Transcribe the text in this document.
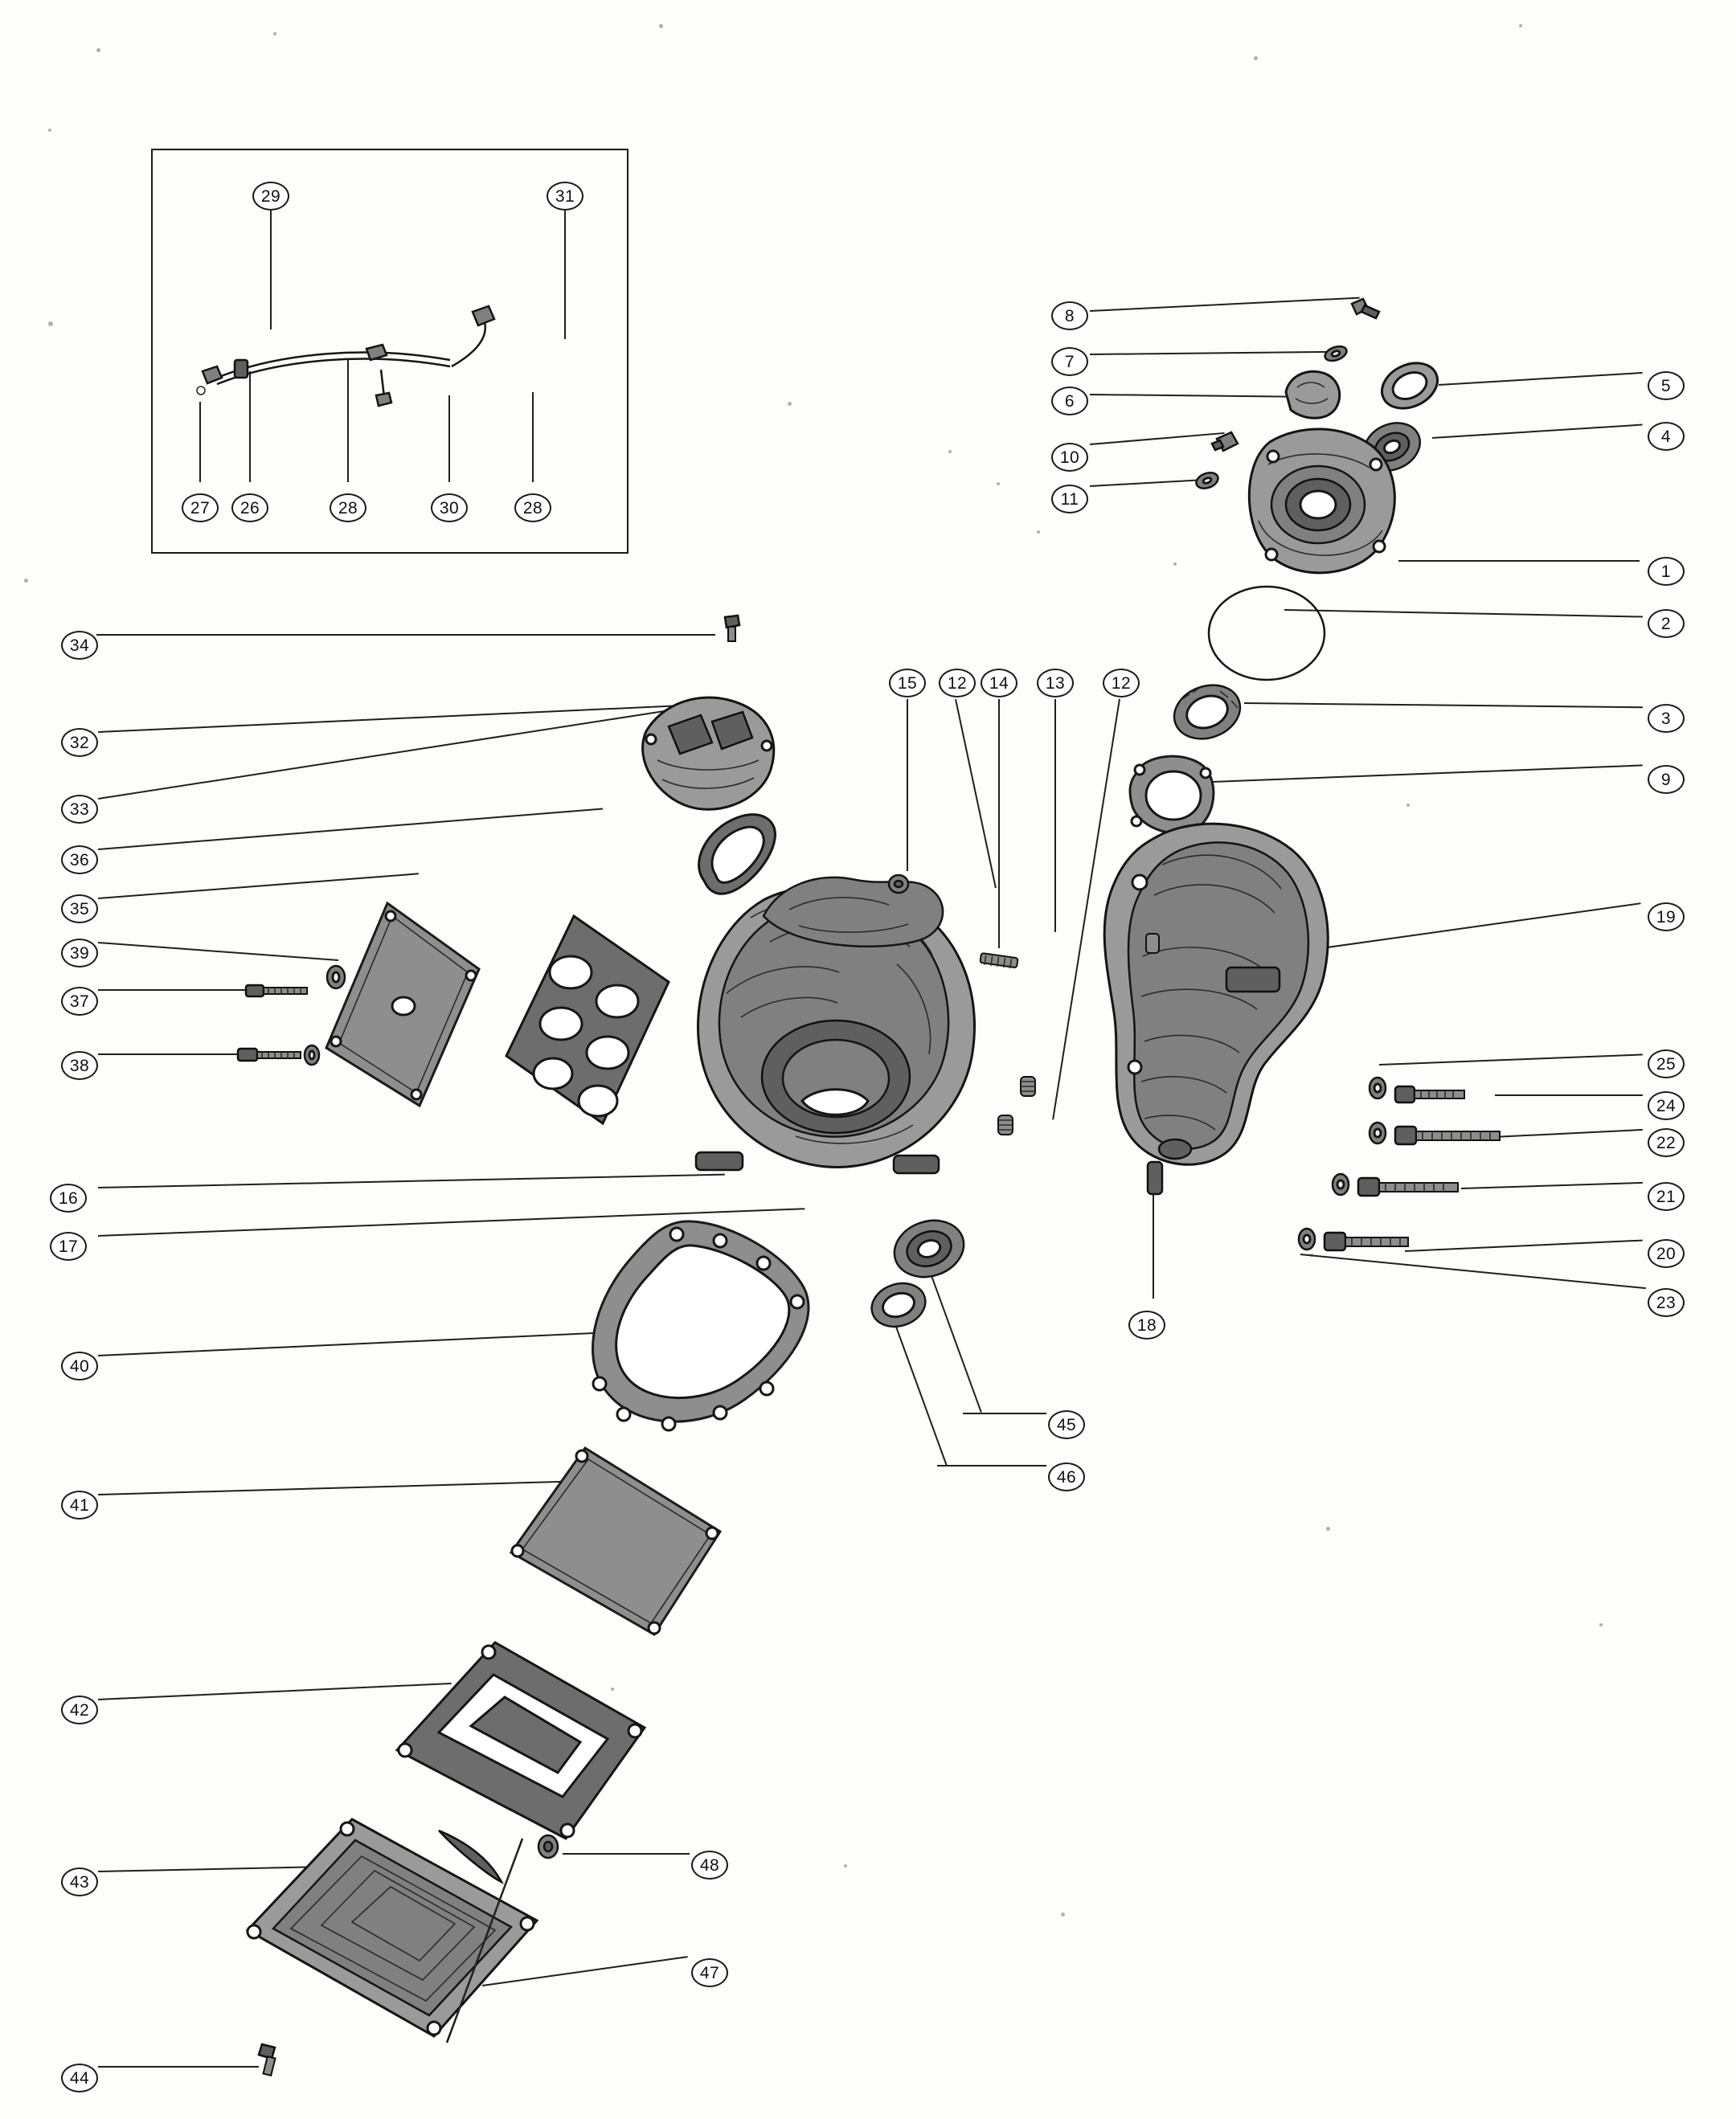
1
2
3
4
5
6
7
8
9
10
11
12	13
14
15
16
17
18
19
20
21
22
23
24
25
26
27	28
29
30
31
28
12
32
33
34
35
36
37
38
39
40
41
42
43
44
45
46
47
48
